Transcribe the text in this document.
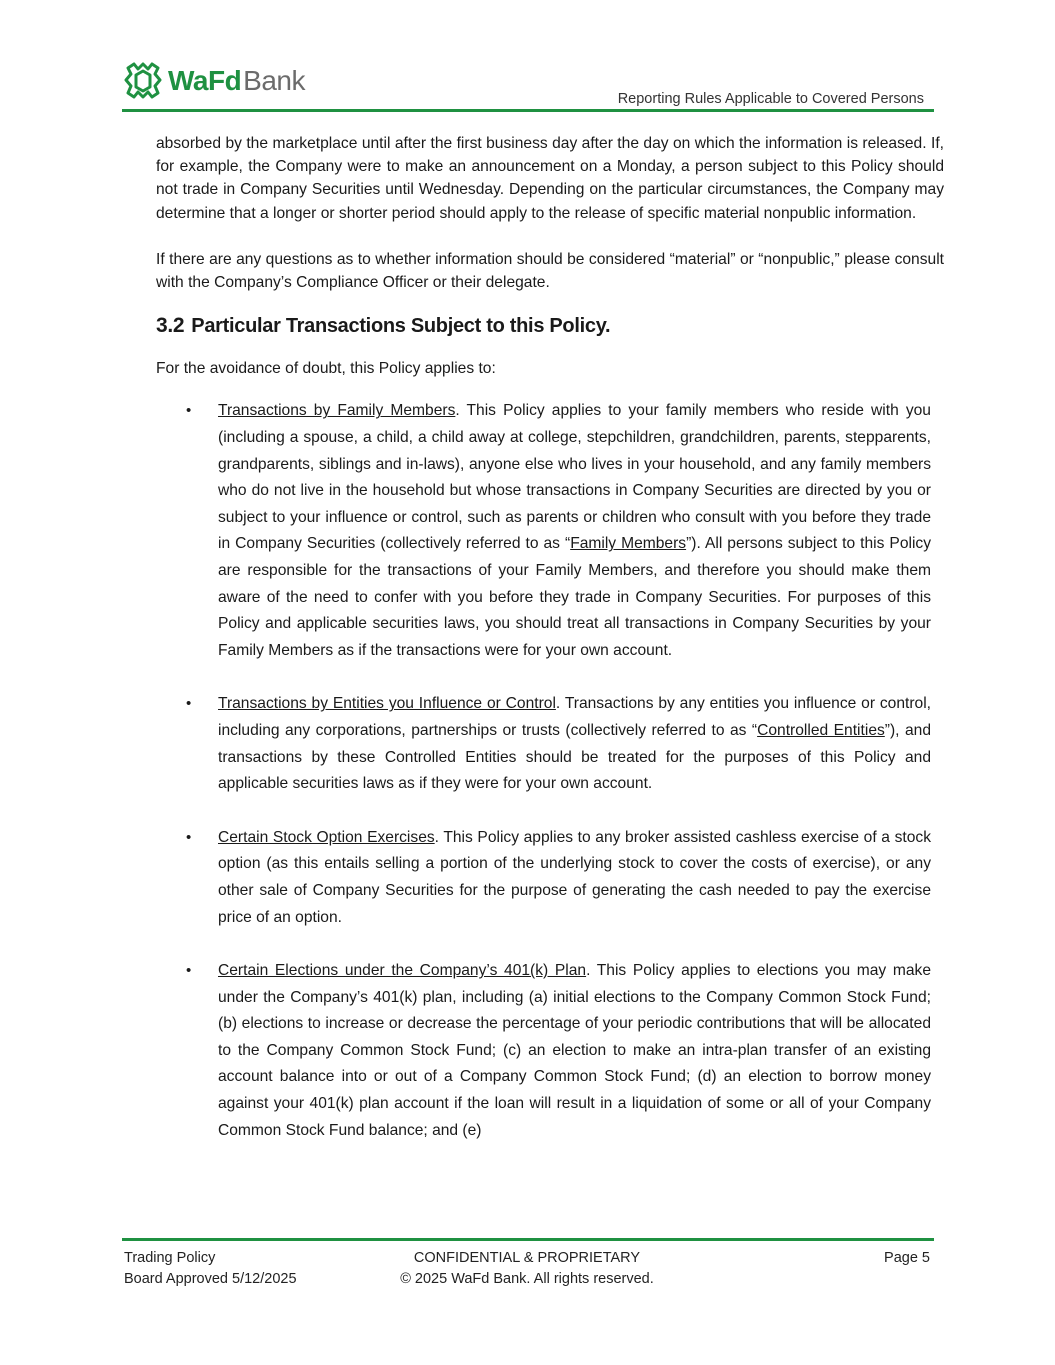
WaFd Bank
Reporting Rules Applicable to Covered Persons

absorbed by the marketplace until after the first business day after the day on which the information is released. If, for example, the Company were to make an announcement on a Monday, a person subject to this Policy should not trade in Company Securities until Wednesday. Depending on the particular circumstances, the Company may determine that a longer or shorter period should apply to the release of specific material nonpublic information.

If there are any questions as to whether information should be considered “material” or “nonpublic,” please consult with the Company’s Compliance Officer or their delegate.

3.2 Particular Transactions Subject to this Policy.

For the avoidance of doubt, this Policy applies to:

• Transactions by Family Members. This Policy applies to your family members who reside with you (including a spouse, a child, a child away at college, stepchildren, grandchildren, parents, stepparents, grandparents, siblings and in-laws), anyone else who lives in your household, and any family members who do not live in the household but whose transactions in Company Securities are directed by you or subject to your influence or control, such as parents or children who consult with you before they trade in Company Securities (collectively referred to as “Family Members”). All persons subject to this Policy are responsible for the transactions of your Family Members, and therefore you should make them aware of the need to confer with you before they trade in Company Securities. For purposes of this Policy and applicable securities laws, you should treat all transactions in Company Securities by your Family Members as if the transactions were for your own account.

• Transactions by Entities you Influence or Control. Transactions by any entities you influence or control, including any corporations, partnerships or trusts (collectively referred to as “Controlled Entities”), and transactions by these Controlled Entities should be treated for the purposes of this Policy and applicable securities laws as if they were for your own account.

• Certain Stock Option Exercises. This Policy applies to any broker assisted cashless exercise of a stock option (as this entails selling a portion of the underlying stock to cover the costs of exercise), or any other sale of Company Securities for the purpose of generating the cash needed to pay the exercise price of an option.

• Certain Elections under the Company’s 401(k) Plan. This Policy applies to elections you may make under the Company’s 401(k) plan, including (a) initial elections to the Company Common Stock Fund; (b) elections to increase or decrease the percentage of your periodic contributions that will be allocated to the Company Common Stock Fund; (c) an election to make an intra-plan transfer of an existing account balance into or out of a Company Common Stock Fund; (d) an election to borrow money against your 401(k) plan account if the loan will result in a liquidation of some or all of your Company Common Stock Fund balance; and (e)

Trading Policy
Board Approved 5/12/2025
CONFIDENTIAL & PROPRIETARY
© 2025 WaFd Bank. All rights reserved.
Page 5
